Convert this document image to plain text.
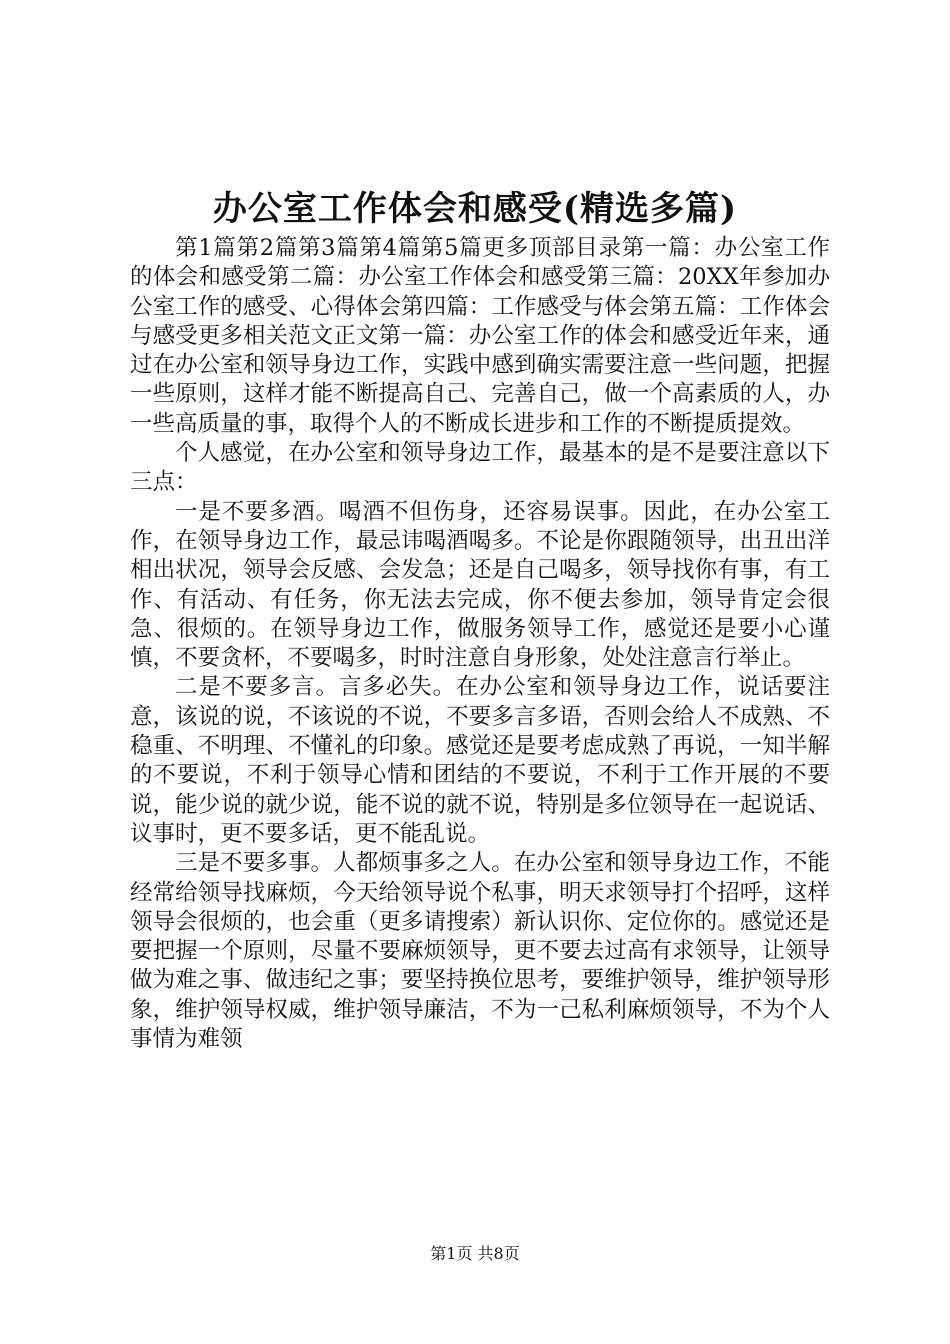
办公室工作体会和感受(精选多篇)

第1篇第2篇第3篇第4篇第5篇更多顶部目录第一篇：办公室工作的体会和感受第二篇：办公室工作体会和感受第三篇：20XX年参加办公室工作的感受、心得体会第四篇：工作感受与体会第五篇：工作体会与感受更多相关范文正文第一篇：办公室工作的体会和感受近年来，通过在办公室和领导身边工作，实践中感到确实需要注意一些问题，把握一些原则，这样才能不断提高自己、完善自己，做一个高素质的人，办一些高质量的事，取得个人的不断成长进步和工作的不断提质提效。

个人感觉，在办公室和领导身边工作，最基本的是不是要注意以下三点：

一是不要多酒。喝酒不但伤身，还容易误事。因此，在办公室工作，在领导身边工作，最忌讳喝酒喝多。不论是你跟随领导，出丑出洋相出状况，领导会反感、会发急；还是自己喝多，领导找你有事，有工作、有活动、有任务，你无法去完成，你不便去参加，领导肯定会很急、很烦的。在领导身边工作，做服务领导工作，感觉还是要小心谨慎，不要贪杯，不要喝多，时时注意自身形象，处处注意言行举止。

二是不要多言。言多必失。在办公室和领导身边工作，说话要注意，该说的说，不该说的不说，不要多言多语，否则会给人不成熟、不稳重、不明理、不懂礼的印象。感觉还是要考虑成熟了再说，一知半解的不要说，不利于领导心情和团结的不要说，不利于工作开展的不要说，能少说的就少说，能不说的就不说，特别是多位领导在一起说话、议事时，更不要多话，更不能乱说。

三是不要多事。人都烦事多之人。在办公室和领导身边工作，不能经常给领导找麻烦，今天给领导说个私事，明天求领导打个招呼，这样领导会很烦的，也会重（更多请搜索）新认识你、定位你的。感觉还是要把握一个原则，尽量不要麻烦领导，更不要去过高有求领导，让领导做为难之事、做违纪之事；要坚持换位思考，要维护领导，维护领导形象，维护领导权威，维护领导廉洁，不为一己私利麻烦领导，不为个人事情为难领

第1页 共8页
